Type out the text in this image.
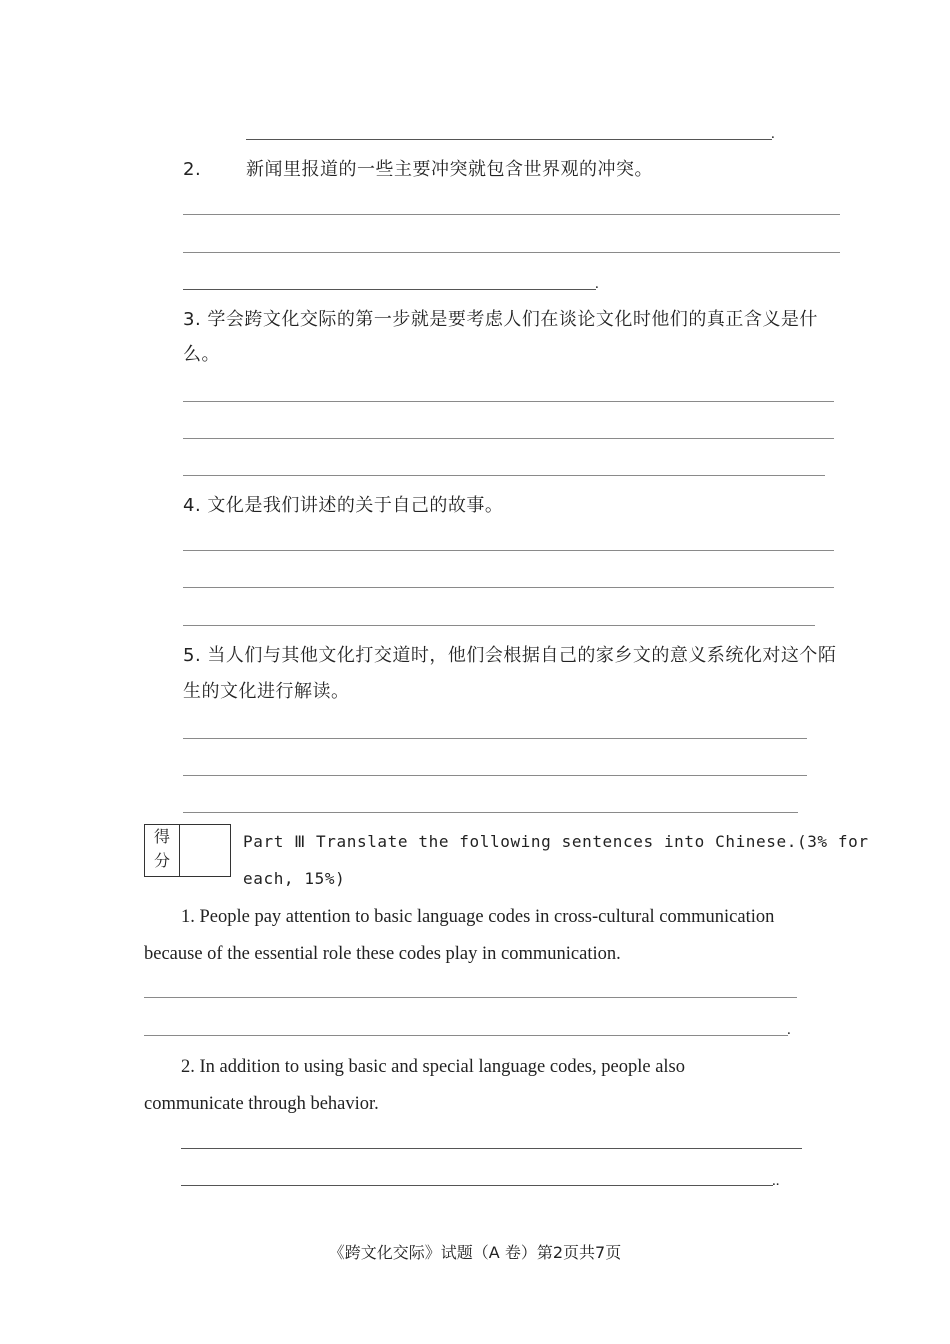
.
2. 新闻里报道的一些主要冲突就包含世界观的冲突。
.
3. 学会跨文化交际的第一步就是要考虑人们在谈论文化时他们的真正含义是什
么。
4. 文化是我们讲述的关于自己的故事。
5. 当人们与其他文化打交道时，他们会根据自己的家乡文的意义系统化对这个陌
生的文化进行解读。
得
分
Part Ⅲ Translate the following sentences into Chinese.(3% for
each, 15%)
1. People pay attention to basic language codes in cross-cultural communication
because of the essential role these codes play in communication.
.
2. In addition to using basic and special language codes, people also
communicate through behavior.
..
《跨文化交际》试题（A 卷）第2页共7页
